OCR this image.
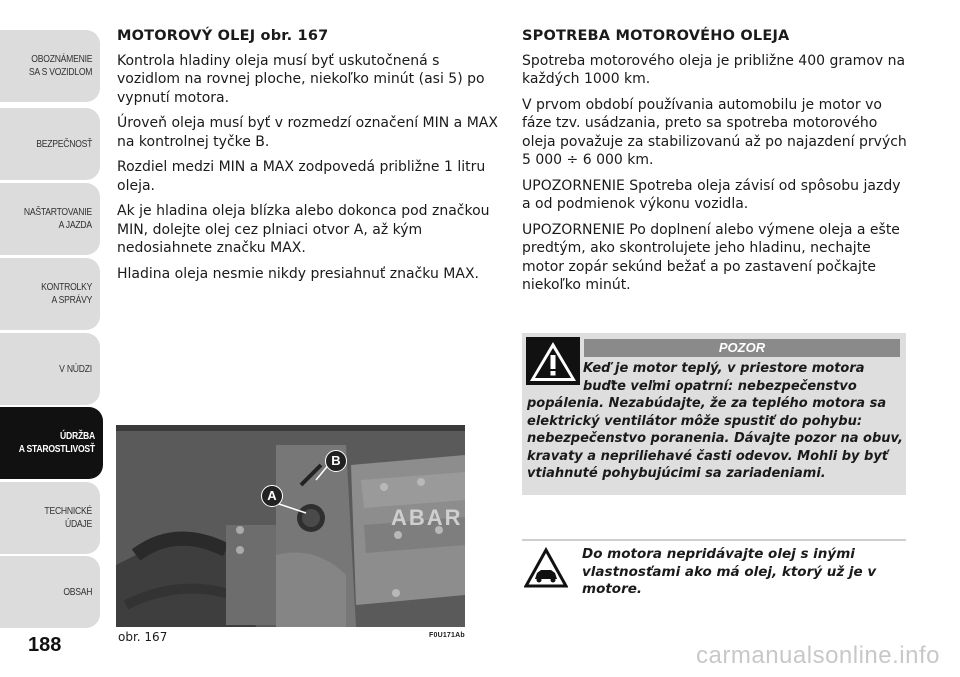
OBOZNÁMENIE
SA S VOZIDLOM
BEZPEČNOSŤ
NAŠTARTOVANIE
A JAZDA
KONTROLKY
A SPRÁVY
V NÚDZI
ÚDRŽBA
A STAROSTLIVOSŤ
TECHNICKÉ
ÚDAJE
OBSAH
188
MOTOROVÝ OLEJ obr. 167

Kontrola hladiny oleja musí byť uskutočnená s vozidlom na rovnej ploche, niekoľko minút (asi 5) po vypnutí motora.

Úroveň oleja musí byť v rozmedzí označení MIN a MAX na kontrolnej tyčke B.

Rozdiel medzi MIN a MAX zodpovedá približne 1 litru oleja.

Ak je hladina oleja blízka alebo dokonca pod značkou MIN, dolejte olej cez plniaci otvor A, až kým nedosiahnete značku MAX.

Hladina oleja nesmie nikdy presiahnuť značku MAX.

ABAR
A
B
obr. 167	F0U171Ab
SPOTREBA MOTOROVÉHO OLEJA

Spotreba motorového oleja je približne 400 gramov na každých 1000 km.

V prvom období používania automobilu je motor vo fáze tzv. usádzania, preto sa spotreba motorového oleja považuje za stabilizovanú až po najazdení prvých 5 000 ÷ 6 000 km.

UPOZORNENIE Spotreba oleja závisí od spôsobu jazdy a od podmienok výkonu vozidla.

UPOZORNENIE Po doplnení alebo výmene oleja a ešte predtým, ako skontrolujete jeho hladinu, nechajte motor zopár sekúnd bežať a po zastavení počkajte niekoľko minút.

POZOR
Keď je motor teplý, v priestore motora buďte veľmi opatrní: nebezpečenstvo
popálenia. Nezabúdajte, že za teplého motora sa elektrický ventilátor môže spustiť do pohybu: nebezpečenstvo poranenia. Dávajte pozor na obuv, kravaty a nepriliehavé časti odevov. Mohli by byť vtiahnuté pohybujúcimi sa zariadeniami.
Do motora nepridávajte olej s inými vlastnosťami ako má olej, ktorý už je v motore.
carmanualsonline.info
